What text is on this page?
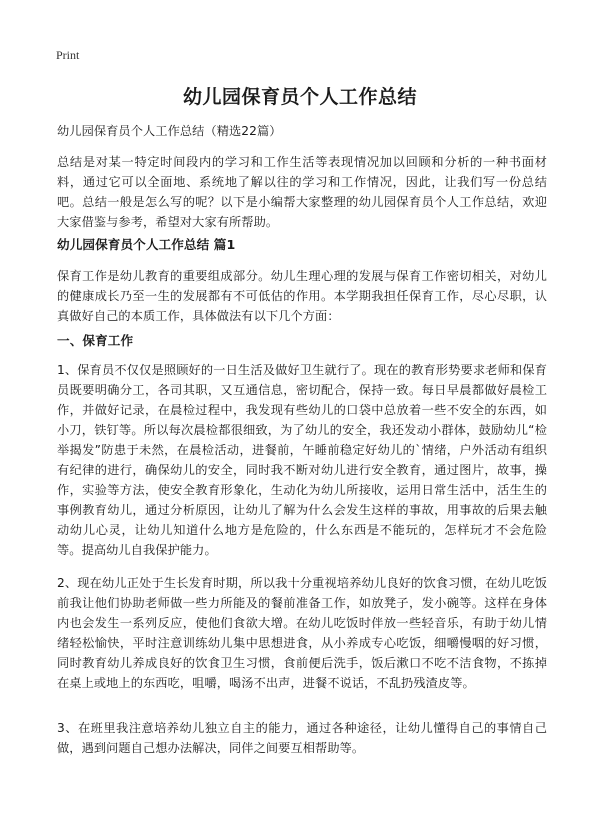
Print
幼儿园保育员个人工作总结

幼儿园保育员个人工作总结（精选22篇）

总结是对某一特定时间段内的学习和工作生活等表现情况加以回顾和分析的一种书面材料，通过它可以全面地、系统地了解以往的学习和工作情况，因此，让我们写一份总结吧。总结一般是怎么写的呢？以下是小编帮大家整理的幼儿园保育员个人工作总结，欢迎大家借鉴与参考，希望对大家有所帮助。

幼儿园保育员个人工作总结 篇1

保育工作是幼儿教育的重要组成部分。幼儿生理心理的发展与保育工作密切相关，对幼儿的健康成长乃至一生的发展都有不可低估的作用。本学期我担任保育工作，尽心尽职，认真做好自己的本质工作，具体做法有以下几个方面：

一、保育工作

1、保育员不仅仅是照顾好的一日生活及做好卫生就行了。现在的教育形势要求老师和保育员既要明确分工，各司其职，又互通信息，密切配合，保持一致。每日早晨都做好晨检工作，并做好记录，在晨检过程中，我发现有些幼儿的口袋中总放着一些不安全的东西，如小刀，铁钉等。所以每次晨检都很细致，为了幼儿的安全，我还发动小群体，鼓励幼儿“检举揭发”防患于未然，在晨检活动，进餐前，午睡前稳定好幼儿的`情绪，户外活动有组织有纪律的进行，确保幼儿的安全，同时我不断对幼儿进行安全教育，通过图片，故事，操作，实验等方法，使安全教育形象化，生动化为幼儿所接收，运用日常生活中，活生生的事例教育幼儿，通过分析原因，让幼儿了解为什么会发生这样的事故，用事故的后果去触动幼儿心灵，让幼儿知道什么地方是危险的，什么东西是不能玩的，怎样玩才不会危险等。提高幼儿自我保护能力。

2、现在幼儿正处于生长发育时期，所以我十分重视培养幼儿良好的饮食习惯，在幼儿吃饭前我让他们协助老师做一些力所能及的餐前准备工作，如放凳子，发小碗等。这样在身体内也会发生一系列反应，使他们食欲大增。在幼儿吃饭时伴放一些轻音乐，有助于幼儿情绪轻松愉快，平时注意训练幼儿集中思想进食，从小养成专心吃饭，细嚼慢咽的好习惯，同时教育幼儿养成良好的饮食卫生习惯，食前便后洗手，饭后漱口不吃不洁食物，不拣掉在桌上或地上的东西吃，咀嚼，喝汤不出声，进餐不说话，不乱扔残渣皮等。

3、在班里我注意培养幼儿独立自主的能力，通过各种途径，让幼儿懂得自己的事情自己做，遇到问题自己想办法解决，同伴之间要互相帮助等。
